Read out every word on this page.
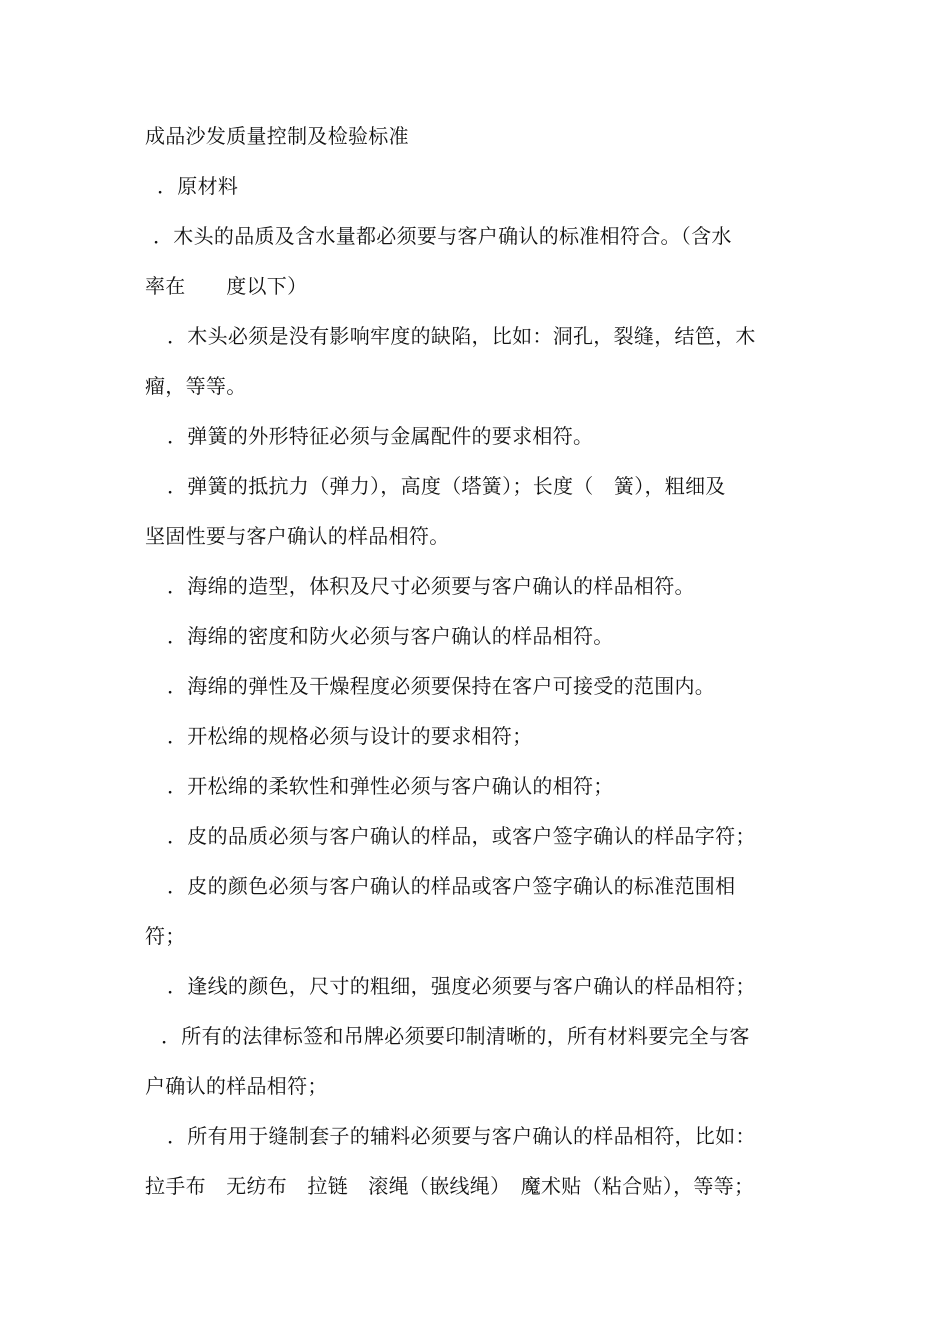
成品沙发质量控制及检验标准
．原材料
．木头的品质及含水量都必须要与客户确认的标准相符合。（含水
率在　　度以下）
．木头必须是没有影响牢度的缺陷，比如：洞孔，裂缝，结笆，木
瘤，等等。
．弹簧的外形特征必须与金属配件的要求相符。
．弹簧的抵抗力（弹力），高度（塔簧）；长度（　簧），粗细及
坚固性要与客户确认的样品相符。
．海绵的造型，体积及尺寸必须要与客户确认的样品相符。
．海绵的密度和防火必须与客户确认的样品相符。
．海绵的弹性及干燥程度必须要保持在客户可接受的范围内。
．开松绵的规格必须与设计的要求相符；
．开松绵的柔软性和弹性必须与客户确认的相符；
．皮的品质必须与客户确认的样品，或客户签字确认的样品字符；
．皮的颜色必须与客户确认的样品或客户签字确认的标准范围相
符；
．逢线的颜色，尺寸的粗细，强度必须要与客户确认的样品相符；
．所有的法律标签和吊牌必须要印制清晰的，所有材料要完全与客
户确认的样品相符；
．所有用于缝制套子的辅料必须要与客户确认的样品相符，比如：
拉手布　无纺布　拉链　滚绳（嵌线绳）　魔术贴（粘合贴），等等；
